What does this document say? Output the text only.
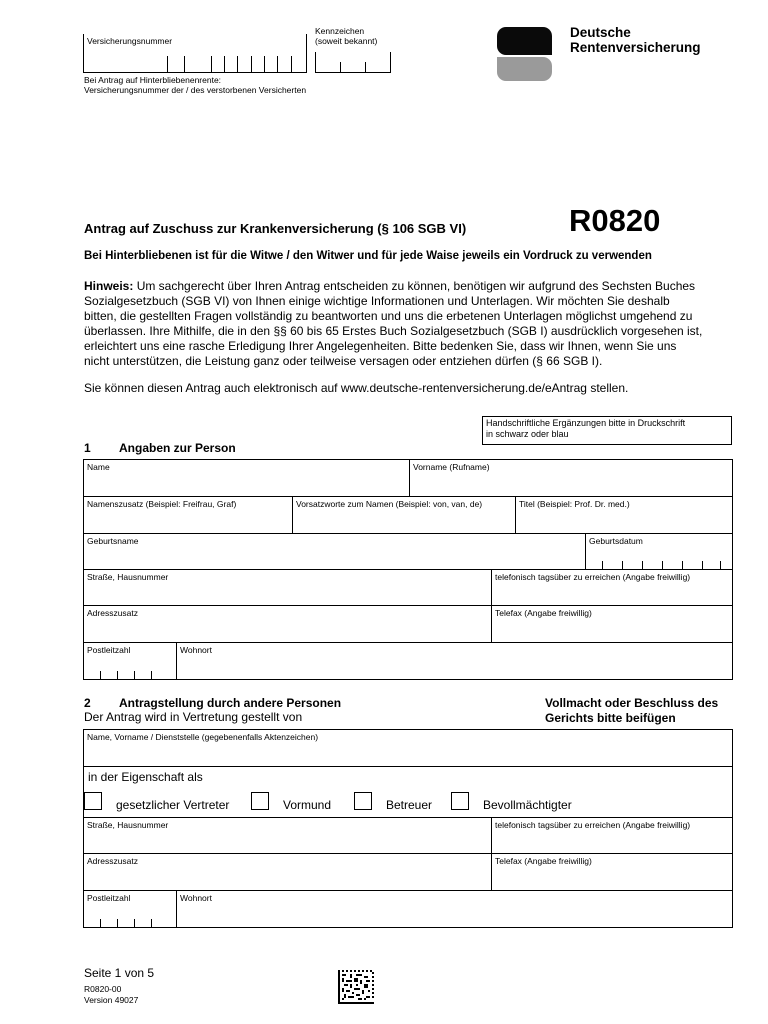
Versicherungsnummer
Kennzeichen
(soweit bekannt)
Bei Antrag auf Hinterbliebenenrente:
Versicherungsnummer der / des verstorbenen Versicherten
Deutsche
Rentenversicherung
Antrag auf Zuschuss zur Krankenversicherung (§ 106 SGB VI)	R0820
Bei Hinterbliebenen ist für die Witwe / den Witwer und für jede Waise jeweils ein Vordruck zu verwenden
Hinweis: Um sachgerecht über Ihren Antrag entscheiden zu können, benötigen wir aufgrund des Sechsten Buches
Sozialgesetzbuch (SGB VI) von Ihnen einige wichtige Informationen und Unterlagen. Wir möchten Sie deshalb
bitten, die gestellten Fragen vollständig zu beantworten und uns die erbetenen Unterlagen möglichst umgehend zu
überlassen. Ihre Mithilfe, die in den §§ 60 bis 65 Erstes Buch Sozialgesetzbuch (SGB I) ausdrücklich vorgesehen ist,
erleichtert uns eine rasche Erledigung Ihrer Angelegenheiten. Bitte bedenken Sie, dass wir Ihnen, wenn Sie uns
nicht unterstützen, die Leistung ganz oder teilweise versagen oder entziehen dürfen (§ 66 SGB I).
Sie können diesen Antrag auch elektronisch auf www.deutsche-rentenversicherung.de/eAntrag stellen.
Handschriftliche Ergänzungen bitte in Druckschrift
in schwarz oder blau
1 Angaben zur Person
Name	Vorname (Rufname)
Namenszusatz (Beispiel: Freifrau, Graf)	Vorsatzworte zum Namen (Beispiel: von, van, de)	Titel (Beispiel: Prof. Dr. med.)
Geburtsname	Geburtsdatum
Straße, Hausnummer	telefonisch tagsüber zu erreichen (Angabe freiwillig)
Adresszusatz	Telefax (Angabe freiwillig)
Postleitzahl	Wohnort
2 Antragstellung durch andere Personen
Der Antrag wird in Vertretung gestellt von
Vollmacht oder Beschluss des
Gerichts bitte beifügen
Name, Vorname / Dienststelle (gegebenenfalls Aktenzeichen)
in der Eigenschaft als
gesetzlicher Vertreter	Vormund	Betreuer	Bevollmächtigter
Straße, Hausnummer	telefonisch tagsüber zu erreichen (Angabe freiwillig)
Adresszusatz	Telefax (Angabe freiwillig)
Postleitzahl	Wohnort
Seite 1 von 5
R0820-00
Version 49027
